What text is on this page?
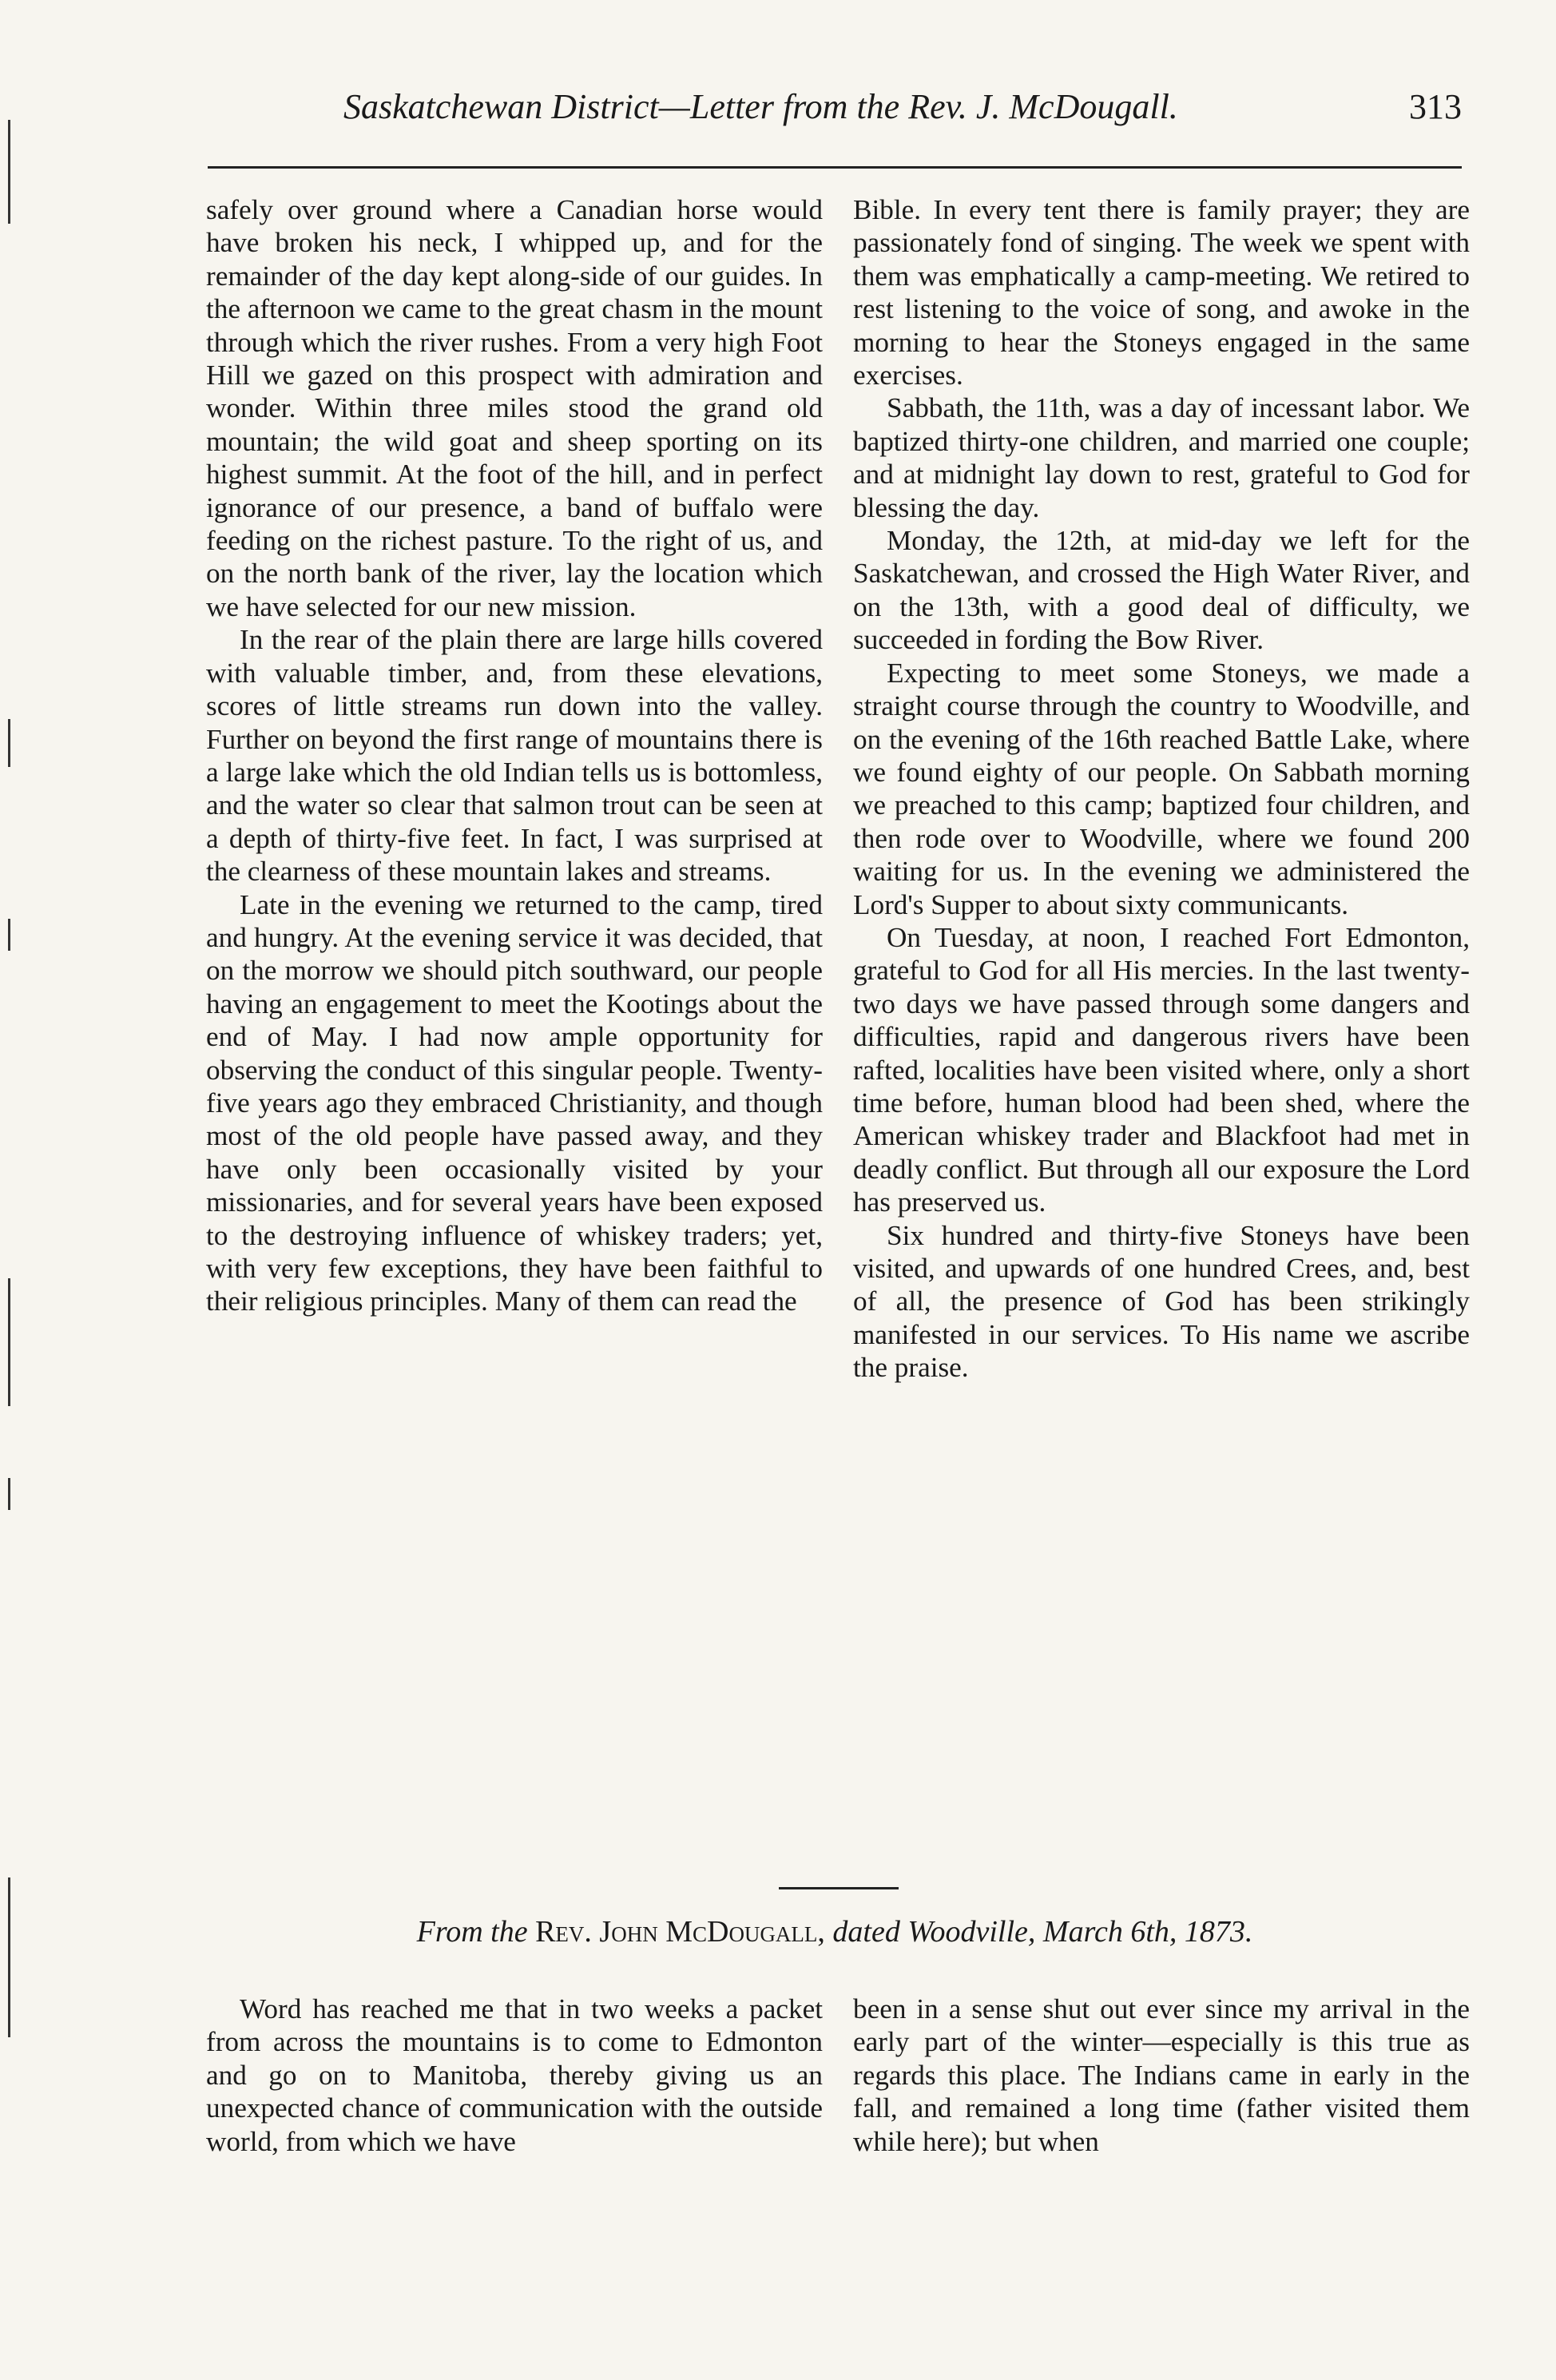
Saskatchewan District—Letter from the Rev. J. McDougall.	313

safely over ground where a Canadian horse would have broken his neck, I whipped up, and for the remainder of the day kept along-side of our guides. In the afternoon we came to the great chasm in the mount through which the river rushes. From a very high Foot Hill we gazed on this prospect with admiration and wonder. Within three miles stood the grand old mountain; the wild goat and sheep sporting on its highest summit. At the foot of the hill, and in perfect ignorance of our presence, a band of buffalo were feeding on the richest pasture. To the right of us, and on the north bank of the river, lay the location which we have selected for our new mission.

In the rear of the plain there are large hills covered with valuable timber, and, from these elevations, scores of little streams run down into the valley. Further on beyond the first range of mountains there is a large lake which the old Indian tells us is bottomless, and the water so clear that salmon trout can be seen at a depth of thirty-five feet. In fact, I was surprised at the clearness of these mountain lakes and streams.

Late in the evening we returned to the camp, tired and hungry. At the evening service it was decided, that on the morrow we should pitch southward, our people having an engagement to meet the Kootings about the end of May. I had now ample opportunity for observing the conduct of this singular people. Twenty-five years ago they embraced Christianity, and though most of the old people have passed away, and they have only been occasionally visited by your missionaries, and for several years have been exposed to the destroying influence of whiskey traders; yet, with very few exceptions, they have been faithful to their religious principles. Many of them can read the

Bible. In every tent there is family prayer; they are passionately fond of singing. The week we spent with them was emphatically a camp-meeting. We retired to rest listening to the voice of song, and awoke in the morning to hear the Stoneys engaged in the same exercises.

Sabbath, the 11th, was a day of incessant labor. We baptized thirty-one children, and married one couple; and at midnight lay down to rest, grateful to God for blessing the day.

Monday, the 12th, at mid-day we left for the Saskatchewan, and crossed the High Water River, and on the 13th, with a good deal of difficulty, we succeeded in fording the Bow River.

Expecting to meet some Stoneys, we made a straight course through the country to Woodville, and on the evening of the 16th reached Battle Lake, where we found eighty of our people. On Sabbath morning we preached to this camp; baptized four children, and then rode over to Woodville, where we found 200 waiting for us. In the evening we administered the Lord's Supper to about sixty communicants.

On Tuesday, at noon, I reached Fort Edmonton, grateful to God for all His mercies. In the last twenty-two days we have passed through some dangers and difficulties, rapid and dangerous rivers have been rafted, localities have been visited where, only a short time before, human blood had been shed, where the American whiskey trader and Blackfoot had met in deadly conflict. But through all our exposure the Lord has preserved us.

Six hundred and thirty-five Stoneys have been visited, and upwards of one hundred Crees, and, best of all, the presence of God has been strikingly manifested in our services. To His name we ascribe the praise.

From the Rev. John McDougall, dated Woodville, March 6th, 1873.

Word has reached me that in two weeks a packet from across the mountains is to come to Edmonton and go on to Manitoba, thereby giving us an unexpected chance of communication with the outside world, from which we have

been in a sense shut out ever since my arrival in the early part of the winter—especially is this true as regards this place. The Indians came in early in the fall, and remained a long time (father visited them while here); but when
